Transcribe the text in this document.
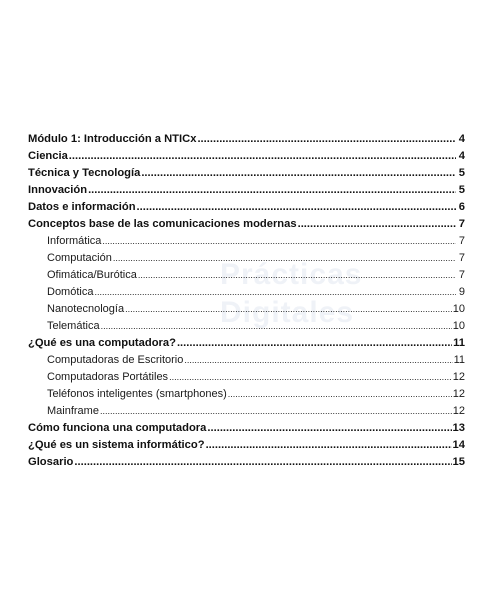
Prácticas
Digitales
Módulo 1: Introducción a NTICx .....	4
Ciencia .....	4
Técnica y Tecnología .....	5
Innovación .....	5
Datos e información .....	6
Conceptos base de las comunicaciones modernas .....	7
Informática .....	7
Computación .....	7
Ofimática/Burótica .....	7
Domótica .....	9
Nanotecnología .....	10
Telemática .....	10
¿Qué es una computadora? .....	11
Computadoras de Escritorio .....	11
Computadoras Portátiles .....	12
Teléfonos inteligentes (smartphones) .....	12
Mainframe .....	12
Cómo funciona una computadora .....	13
¿Qué es un sistema informático? .....	14
Glosario .....	15
